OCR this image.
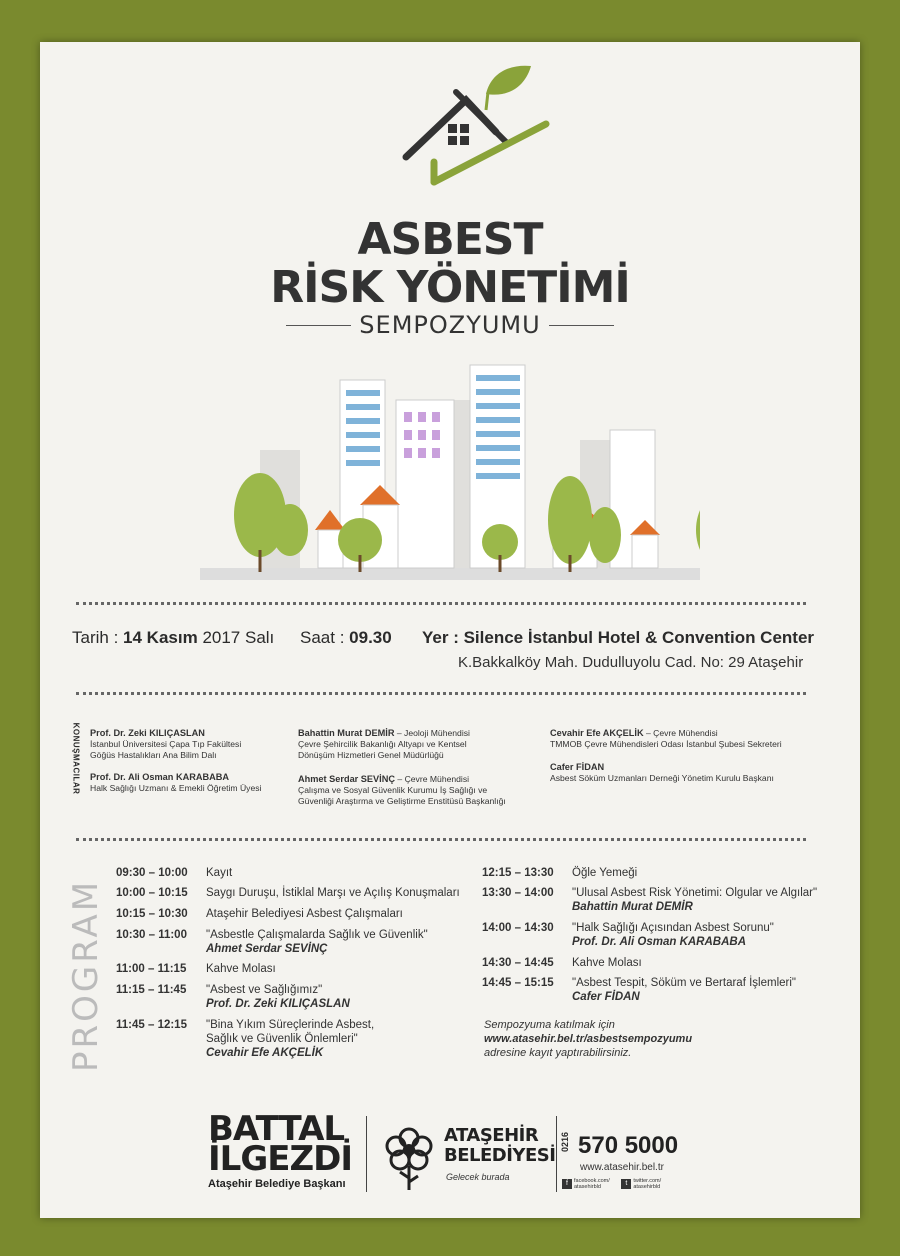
ASBEST
RİSK YÖNETİMİ
SEMPOZYUMU
Tarih : 14 Kasım 2017 Salı Saat : 09.30 Yer : Silence İstanbul Hotel & Convention Center
K.Bakkalköy Mah. Dudulluyolu Cad. No: 29 Ataşehir
KONUŞMACILAR Prof. Dr. Zeki KILIÇASLAN
İstanbul Üniversitesi Çapa Tıp Fakültesi
Göğüs Hastalıkları Ana Bilim Dalı
Prof. Dr. Ali Osman KARABABA
Halk Sağlığı Uzmanı & Emekli Öğretim Üyesi
Bahattin Murat DEMİR – Jeoloji Mühendisi
Çevre Şehircilik Bakanlığı Altyapı ve Kentsel
Dönüşüm Hizmetleri Genel Müdürlüğü
Ahmet Serdar SEVİNÇ – Çevre Mühendisi
Çalışma ve Sosyal Güvenlik Kurumu İş Sağlığı ve
Güvenliği Araştırma ve Geliştirme Enstitüsü Başkanlığı
Cevahir Efe AKÇELİK – Çevre Mühendisi
TMMOB Çevre Mühendisleri Odası İstanbul Şubesi Sekreteri
Cafer FİDAN
Asbest Söküm Uzmanları Derneği Yönetim Kurulu Başkanı
PROGRAM
09:30 – 10:00 Kayıt
10:00 – 10:15 Saygı Duruşu, İstiklal Marşı ve Açılış Konuşmaları
10:15 – 10:30 Ataşehir Belediyesi Asbest Çalışmaları
10:30 – 11:00 "Asbestle Çalışmalarda Sağlık ve Güvenlik"
Ahmet Serdar SEVİNÇ
11:00 – 11:15 Kahve Molası
11:15 – 11:45 "Asbest ve Sağlığımız"
Prof. Dr. Zeki KILIÇASLAN
11:45 – 12:15 "Bina Yıkım Süreçlerinde Asbest,
Sağlık ve Güvenlik Önlemleri"
Cevahir Efe AKÇELİK
12:15 – 13:30 Öğle Yemeği
13:30 – 14:00 "Ulusal Asbest Risk Yönetimi: Olgular ve Algılar"
Bahattin Murat DEMİR
14:00 – 14:30 "Halk Sağlığı Açısından Asbest Sorunu"
Prof. Dr. Ali Osman KARABABA
14:30 – 14:45 Kahve Molası
14:45 – 15:15 "Asbest Tespit, Söküm ve Bertaraf İşlemleri"
Cafer FİDAN
Sempozyuma katılmak için
www.atasehir.bel.tr/asbestsempozyumu
adresine kayıt yaptırabilirsiniz.
BATTAL
İLGEZDİ
Ataşehir Belediye Başkanı
ATAŞEHİR
BELEDİYESİ
Gelecek burada
0216 570 5000
www.atasehir.bel.tr
f facebook.com/
atasehirbld	t twitter.com/
atasehirbld
